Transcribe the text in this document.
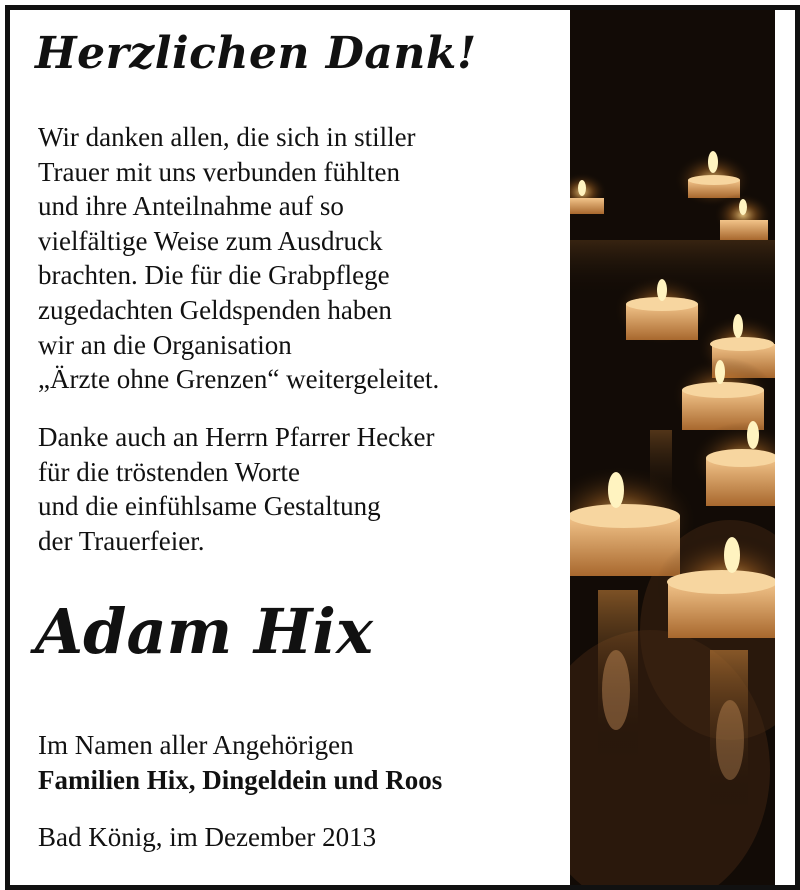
Herzlichen Dank!

Wir danken allen, die sich in stiller
Trauer mit uns verbunden fühlten
und ihre Anteilnahme auf so
vielfältige Weise zum Ausdruck
brachten. Die für die Grabpflege
zugedachten Geldspenden haben
wir an die Organisation
„Ärzte ohne Grenzen“ weitergeleitet.

Danke auch an Herrn Pfarrer Hecker
für die tröstenden Worte
und die einfühlsame Gestaltung
der Trauerfeier.

Adam Hix

Im Namen aller Angehörigen

Familien Hix, Dingeldein und Roos

Bad König, im Dezember 2013
